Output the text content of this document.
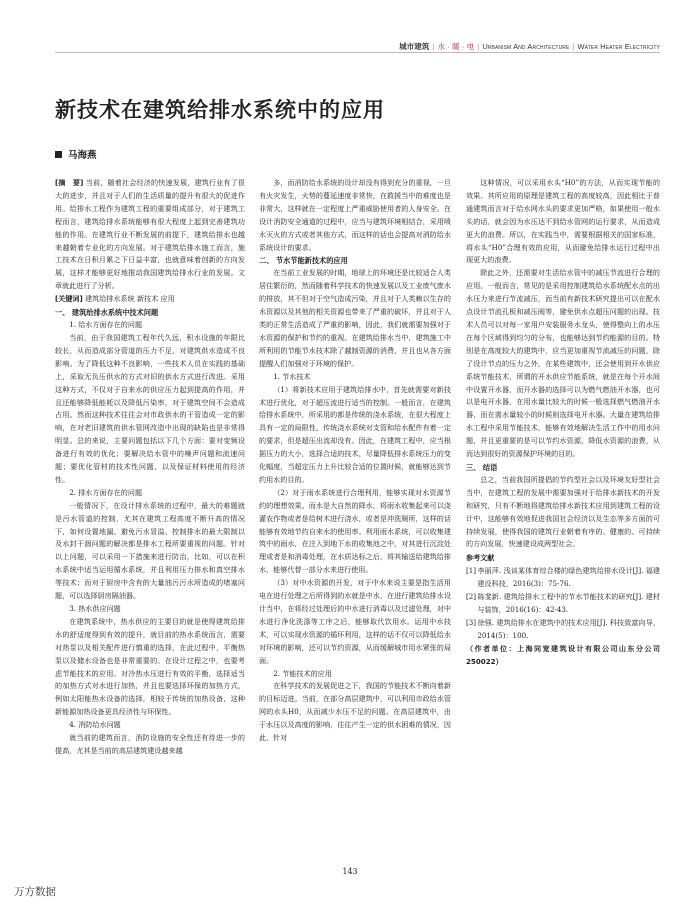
城市建筑 | 水 · 暖 · 电 | Urbanism And Architecture | Water Heater Electricity
新技术在建筑给排水系统中的应用
马海燕

[摘　要] 当前，随着社会经济的快速发展，建筑行业有了很大的进步，并且对于人们的生活质量的提升有很大的促进作用。给排水工程作为建筑工程的重要组成部分，对于建筑工程而言，建筑给排水系统能够有很大程度上起到完善建筑功能的作用。在建筑行业不断发展的前提下，建筑给排水也越来越朝着专业化的方向发展。对于建筑给排水施工而言，施工技术在日积月累之下日益丰富，也就意味着创新的方向发展，这样才能够更好地推动我国建筑给排水行业的发展。文章就此进行了分析。

[关键词] 建筑给排水系统 新技术 应用

一、 建筑给排水系统中技术问题
1. 给水方面存在的问题

当前，由于我国建筑工程年代久远，积水设施的年限比较长，从而造成部分管道的压力不足，对建筑供水造成不良影响。为了降低这种不良影响，一些技术人员在实践的基础上，采取无负压供水的方式对旧的供水方式进行改进。采用这种方式，不仅对于自来水的供应压力起到提高的作用，并且还能够降低能耗以及降低污染率，对于建筑空间不会造成占用。然而这种技术往往会对市政供水的干管造成一定的影响，在对老旧建筑的供水管网改造中出现的缺陷也是非常得明显。总的来说，主要问题包括以下几个方面：要对变频设备进行有效的优化；要解决给水管中的噪声问题和流速问题；要优化管材的技术性问题，以及保证材料使用的经济性。

2. 排水方面存在的问题

一般情况下，在设计排水系统的过程中，最大的难题就是污水管道的控制，尤其在建筑工程高度不断升高的情况下，如何设置地漏、避免污水冒溢、控制排水的最大限制以及水封干涸问题的解决都是排水工程所要重视的问题。针对以上问题，可以采用一下措施来进行防治，比如，可以在积水系统中适当运用循水系统，并且利用压力排水和真空排水等技术；而对于厨房中含有的大量油污污水所造成的堵塞问题，可以选择厨房隔油器。

3. 热水供应问题

在建筑系统中，热水供应的主要目的就是使得建筑给排水的舒适度得到有效的提升，就目前的热水系统而言，需要对热泵以及相关配件进行慎重的选择，在此过程中，平衡热泵以及储水设备也是非常重要的。在设计过程之中，也要考虑节能技术的应用。对冷热水压进行有效的平衡，选择适当的加热方式对水进行加热，并且也要选择环保的加热方式，例如太阳能热水设备的选择，相较于传统的加热设备，这种新能源加热设备更具经济性与环保性。

4. 消防给水问题

就当前的建筑而言，消防设施的安全性还有待进一步的提高，尤其是当前的高层建筑建设越来越

多，而消防给水系统的设计却没有得到充分的重视，一旦有火灾发生，火势的蔓延速度非常快，在救援当中的难度也是非常大，这样就在一定程度上严重威胁使用者的人身安全。在设计消防安全通道的过程中，应当与建筑环境相结合，采用喷水灭火的方式或者其他方式，而这样的话也会提高对消防给水系统设计的要求。

二、 节水节能新技术的应用

在当前工业发展的时期，地球上的环境还是比较适合人类居住繁衍的，然而随着科学技术的快速发展以及工业废气废水的排放，其不但对于空气造成污染，并且对于人类赖以生存的水资源以及其他的相关资源也带来了严重的破坏，并且对于人类的正常生活造成了严重的影响，因此，我们就需要加强对于水资源的保护和节约的重视。在建筑给排水当中，建筑施工中所利用的节能节水技术除了越制资源的消费，并且也从各方面提醒人们加强对于环境的保护。

1. 节水技术

（1）将新技术应用于建筑给排水中，首先就需要对新技术进行优化，对于超压流进行适当的控制。一般而言，在建筑给排水系统中，所采用的都是传统的浇水系统，在很大程度上具有一定的局限性，传统浇水系统对支管和给水配件有着一定的要求，但是超压出流却没有。因此，在建筑工程中，应当根据压力的大小，选择合适的技术，尽量降低排水系统压力的变化幅度，当超定压力上升比较合适的位置时候，就能够达到节约用水的目的。

（2）对于雨水系统进行合理利用，能够实现对水资源节约的理想效果。而水是大自然的降水，将雨水收集起来可以浇灌农作物或者是给树木进行浇水，或者是冲洗厕所，这样的话能够有效地节约自来水的使用率。利用雨水系统，可以收集建筑中的雨水，在注入到地下水的收集池之中，对其进行沉淀处理或者是和消毒处理，在水质达标之后，将其输送给建筑给排水，能够代替一部分水来进行使用。

（3）对中水资源的开发，对于中水来说主要是指生活用电在进行处理之后所得到的水就是中水，在进行建筑给排水设计当中，在将经过处理后的中水进行消毒以及过滤处理，对中水进行净化洗涤等工序之后，能够取代饮用水。运用中水技术，可以实现水资源的循环利用，这样的话不仅可以降低给水对环境的影响，还可以节约资源，从而缓解城市用水紧张的局面。

2. 节能技术的应用

在科学技术的发展促进之下，我国的节能技术不断向着新的目标迈进。当前，在部分高层建筑中，可以利用市政给水管网的水头H0，从而减少水压不足的问题。在高层建筑中，由于水压以及高度的影响，往往产生一定的供水困难的情况，因此，针对

这种情况，可以采用水头“H0”的方法，从而实现节能的效果。其所应用的原理是建筑工程的高度较高，因此相比于普通建筑而言对于给水网水头的要求更加严格，如果使用一般水头的话，就会因为水压达不到给水管网的运行要求，从而造成更大的浪费。所以，在实践当中，需要根据相关的国家标准，将水头“H0”合理有效的应用，从而避免给排水运行过程中出现更大的浪费。

除此之外，还需要对生活给水管中的减压节流进行合理的应用。一般而言，常见的是采用控制建筑给水系统配水点的出水压力来进行节流减压，而当前有新技术研究提出可以在配水点设计节流孔板和减压阀等，避免供水点超压问题的出现。技术人员可以对每一家用户安装服务水龙头，使得整向上的水压在每个区域得到均匀的分布，也能够达到节约能源的目的。特别是在高度较大的建筑中，应当更加重视节流减压的问题，除了设计节点的压力之外，在某些建筑中，还会使用到开水供应系统节能技术，所谓的开水供应节能系统，就是在每个开水间中设置开水器，而开水器的选择可以为燃气燃油开水器，也可以是电开水器，在用水量比较大的时候一般选择燃气燃油开水器，而在需水量较小的时候则选择电开水器。大量在建筑给排水工程中采用节能技术，能够有效地解决生活工作中的用水问题，并且更重要的是可以节约水资源，降低水资源的浪费，从而达到很好的资源保护环境的目的。

三、 结语

总之，当前我国所提倡的节约型社会以及环境友好型社会当中，在建筑工程的发展中需要加强对于给排水新技术的开发和研究，只有不断地将建筑给排水新技术应用到建筑工程的设计中，这能够有效地促进我国社会经济以及生态等多方面的可持续发展，使得我国的建筑行业朝着有序的、健康的、可持续的方向发展，快速建设成两型社会。

参考文献

[1]李丽萍. 浅谈某体育综合楼的绿色建筑给排水设计[J]. 福建建设科技，2016(3)：75-76.

[2]陈斐新. 建筑给排水工程中的节水节能技术的研究[J]. 建材与装饰，2016(16)：42-43.

[3]徐强. 建筑给排水在建筑中的技术应用[J]. 科技致富向导，2014(5)：100.

（作者单位：上海同宽建筑设计有限公司山东分公司 250022）

143
万方数据
